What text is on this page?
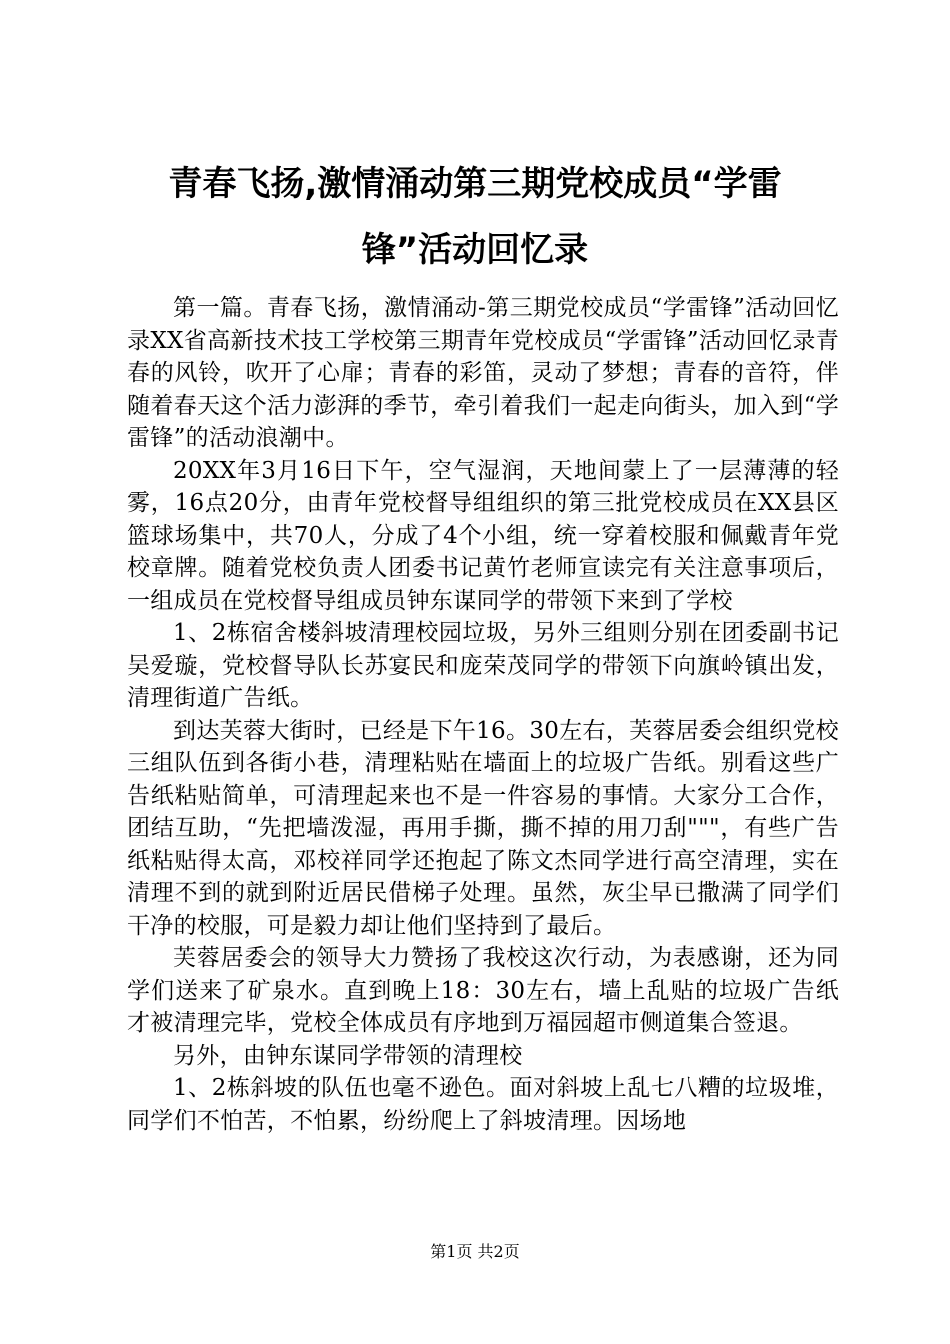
青春飞扬,激情涌动第三期党校成员“学雷
锋”活动回忆录

第一篇。青春飞扬，激情涌动-第三期党校成员“学雷锋”活动回忆录XX省高新技术技工学校第三期青年党校成员“学雷锋”活动回忆录青春的风铃，吹开了心扉；青春的彩笛，灵动了梦想；青春的音符，伴随着春天这个活力澎湃的季节，牵引着我们一起走向街头，加入到“学雷锋”的活动浪潮中。

20XX年3月16日下午，空气湿润，天地间蒙上了一层薄薄的轻雾，16点20分，由青年党校督导组组织的第三批党校成员在XX县区篮球场集中，共70人，分成了4个小组，统一穿着校服和佩戴青年党校章牌。随着党校负责人团委书记黄竹老师宣读完有关注意事项后，一组成员在党校督导组成员钟东谋同学的带领下来到了学校

1、2栋宿舍楼斜坡清理校园垃圾，另外三组则分别在团委副书记吴爱璇，党校督导队长苏宴民和庞荣茂同学的带领下向旗岭镇出发，清理街道广告纸。

到达芙蓉大街时，已经是下午16。30左右，芙蓉居委会组织党校三组队伍到各街小巷，清理粘贴在墙面上的垃圾广告纸。别看这些广告纸粘贴简单，可清理起来也不是一件容易的事情。大家分工合作，团结互助，“先把墙泼湿，再用手撕，撕不掉的用刀刮"""，有些广告纸粘贴得太高，邓校祥同学还抱起了陈文杰同学进行高空清理，实在清理不到的就到附近居民借梯子处理。虽然，灰尘早已撒满了同学们干净的校服，可是毅力却让他们坚持到了最后。

芙蓉居委会的领导大力赞扬了我校这次行动，为表感谢，还为同学们送来了矿泉水。直到晚上18：30左右，墙上乱贴的垃圾广告纸才被清理完毕，党校全体成员有序地到万福园超市侧道集合签退。

另外，由钟东谋同学带领的清理校

1、2栋斜坡的队伍也毫不逊色。面对斜坡上乱七八糟的垃圾堆，同学们不怕苦，不怕累，纷纷爬上了斜坡清理。因场地

第1页 共2页
